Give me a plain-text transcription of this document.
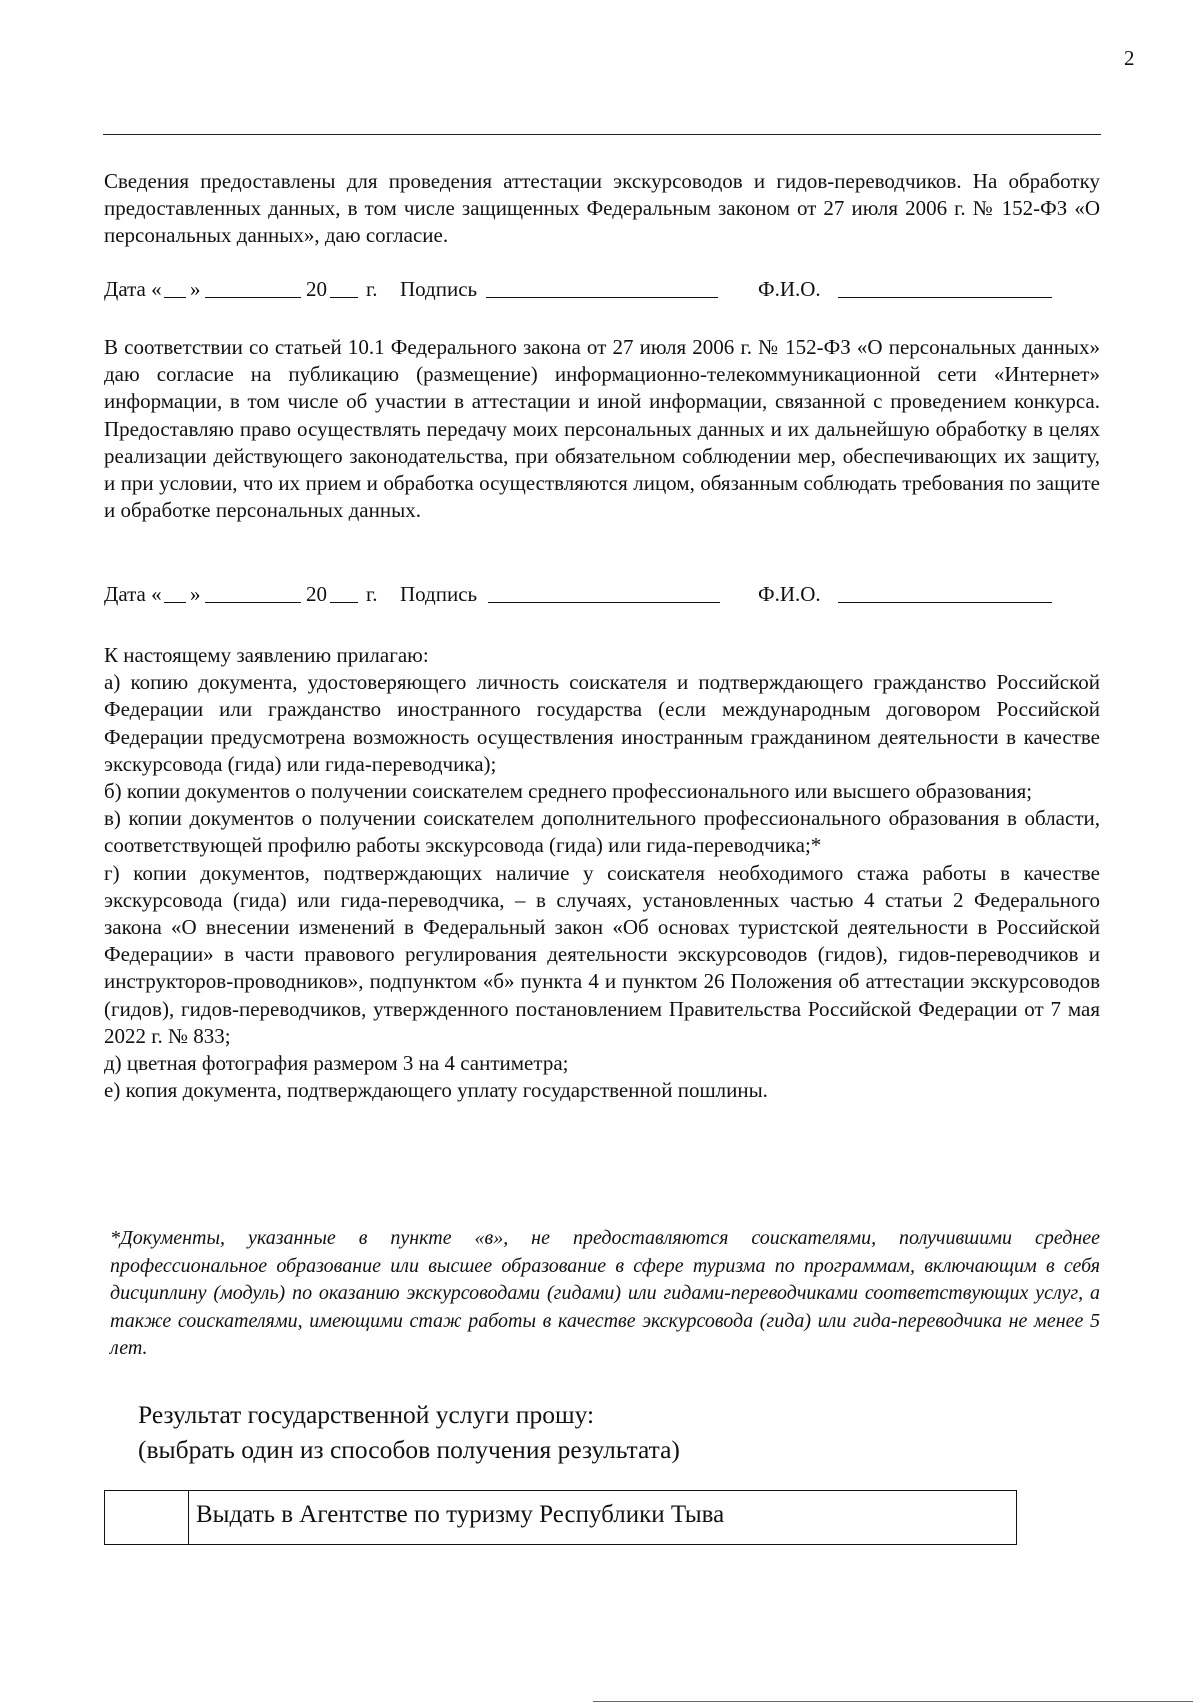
2

Сведения предоставлены для проведения аттестации экскурсоводов и гидов-переводчиков. На обработку предоставленных данных, в том числе защищенных Федеральным законом от 27 июля 2006 г. № 152-ФЗ «О персональных данных», даю согласие.

Дата « »	20 г. Подпись	Ф.И.О.

В соответствии со статьей 10.1 Федерального закона от 27 июля 2006 г. № 152-ФЗ «О персональных данных» даю согласие на публикацию (размещение) информационно-телекоммуникационной сети «Интернет» информации, в том числе об участии в аттестации и иной информации, связанной с проведением конкурса. Предоставляю право осуществлять передачу моих персональных данных и их дальнейшую обработку в целях реализации действующего законодательства, при обязательном соблюдении мер, обеспечивающих их защиту, и при условии, что их прием и обработка осуществляются лицом, обязанным соблюдать требования по защите и обработке персональных данных.

Дата « »	20 г. Подпись	Ф.И.О.

К настоящему заявлению прилагаю:

а) копию документа, удостоверяющего личность соискателя и подтверждающего гражданство Российской Федерации или гражданство иностранного государства (если международным договором Российской Федерации предусмотрена возможность осуществления иностранным гражданином деятельности в качестве экскурсовода (гида) или гида-переводчика);

б) копии документов о получении соискателем среднего профессионального или высшего образования;

в) копии документов о получении соискателем дополнительного профессионального образования в области, соответствующей профилю работы экскурсовода (гида) или гида-переводчика;*

г) копии документов, подтверждающих наличие у соискателя необходимого стажа работы в качестве экскурсовода (гида) или гида-переводчика, – в случаях, установленных частью 4 статьи 2 Федерального закона «О внесении изменений в Федеральный закон «Об основах туристской деятельности в Российской Федерации» в части правового регулирования деятельности экскурсоводов (гидов), гидов-переводчиков и инструкторов-проводников», подпунктом «б» пункта 4 и пунктом 26 Положения об аттестации экскурсоводов (гидов), гидов-переводчиков, утвержденного постановлением Правительства Российской Федерации от 7 мая 2022 г. № 833;

д) цветная фотография размером 3 на 4 сантиметра;

е) копия документа, подтверждающего уплату государственной пошлины.

*Документы, указанные в пункте «в», не предоставляются соискателями, получившими среднее профессиональное образование или высшее образование в сфере туризма по программам, включающим в себя дисциплину (модуль) по оказанию экскурсоводами (гидами) или гидами-переводчиками соответствующих услуг, а также соискателями, имеющими стаж работы в качестве экскурсовода (гида) или гида-переводчика не менее 5 лет.

Результат государственной услуги прошу:
(выбрать один из способов получения результата)
Выдать в Агентстве по туризму Республики Тыва
